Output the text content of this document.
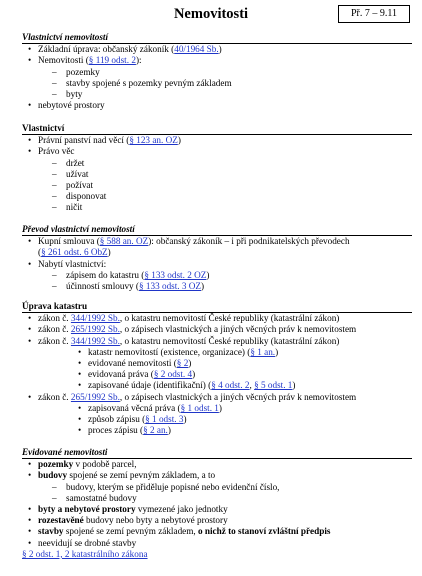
Nemovitosti	Př. 7 – 9.11
Vlastnictví nemovitostí
• Základní úprava: občanský zákoník (40/1964 Sb.)
• Nemovitosti (§ 119 odst. 2):
– pozemky
– stavby spojené s pozemky pevným základem
– byty
• nebytové prostory
Vlastnictví
• Právní panství nad věcí (§ 123 an. OZ)
• Právo věc
– držet
– užívat
– požívat
– disponovat
– ničit
Převod vlastnictví nemovitostí
• Kupní smlouva (§ 588 an. OZ): občanský zákoník – i při podnikatelských převodech
(§ 261 odst. 6 ObZ)
• Nabytí vlastnictví:
– zápisem do katastru (§ 133 odst. 2 OZ)
– účinností smlouvy (§ 133 odst. 3 OZ)
Úprava katastru
• zákon č. 344/1992 Sb., o katastru nemovitostí České republiky (katastrální zákon)
• zákon č. 265/1992 Sb., o zápisech vlastnických a jiných věcných práv k nemovitostem
• zákon č. 344/1992 Sb., o katastru nemovitostí České republiky (katastrální zákon)
• katastr nemovitostí (existence, organizace) (§ 1 an.)
• evidované nemovitosti (§ 2)
• evidovaná práva (§ 2 odst. 4)
• zapisované údaje (identifikační) (§ 4 odst. 2, § 5 odst. 1)
• zákon č. 265/1992 Sb., o zápisech vlastnických a jiných věcných práv k nemovitostem
• zapisovaná věcná práva (§ 1 odst. 1)
• způsob zápisu (§ 1 odst. 3)
• proces zápisu (§ 2 an.)
Evidované nemovitosti
• pozemky v podobě parcel,
• budovy spojené se zemí pevným základem, a to
– budovy, kterým se přiděluje popisné nebo evidenční číslo,
– samostatné budovy
• byty a nebytové prostory vymezené jako jednotky
• rozestavěné budovy nebo byty a nebytové prostory
• stavby spojené se zemí pevným základem, o nichž to stanoví zvláštní předpis
• neevidují se drobné stavby
§ 2 odst. 1, 2 katastrálního zákona
